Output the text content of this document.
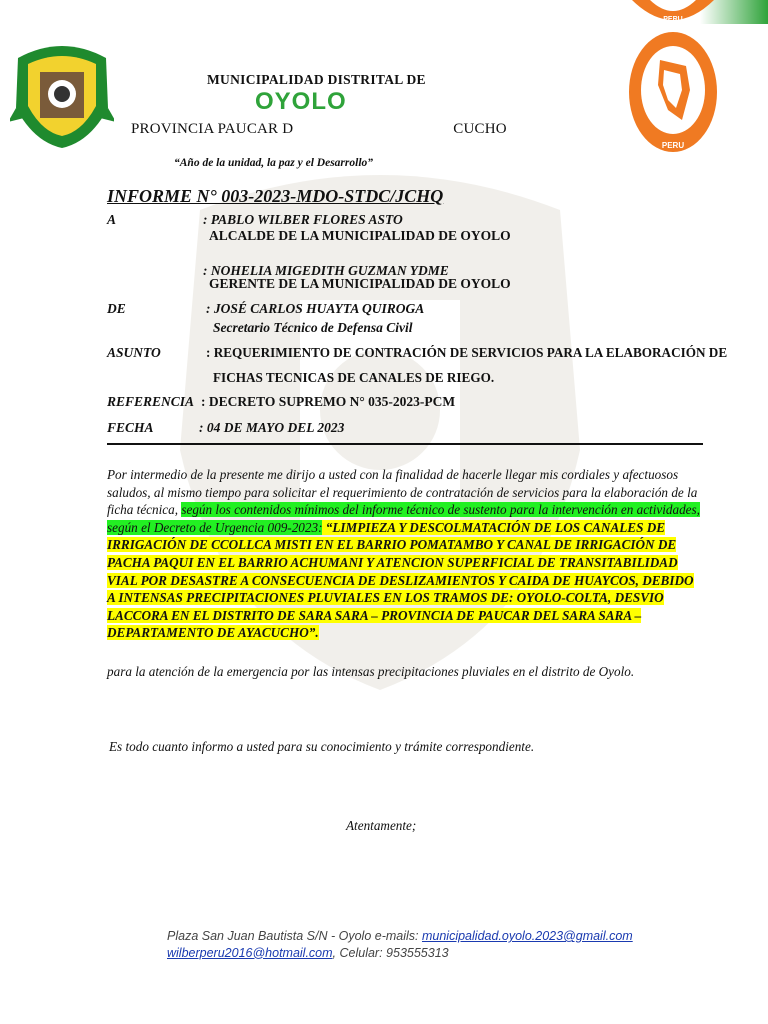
PERU
PERU
MUNICIPALIDAD DISTRITAL DE
OYOLO
PROVINCIA PAUCAR D	CUCHO
“Año de la unidad, la paz y el Desarrollo”
INFORME N° 003-2023-MDO-STDC/JCHQ
A	: PABLO WILBER FLORES ASTO
ALCALDE DE LA MUNICIPALIDAD DE OYOLO
: NOHELIA MIGEDITH GUZMAN YDME
GERENTE DE LA MUNICIPALIDAD DE OYOLO
DE	: JOSÉ CARLOS HUAYTA QUIROGA
Secretario Técnico de Defensa Civil
ASUNTO	: REQUERIMIENTO DE CONTRACIÓN DE SERVICIOS PARA LA ELABORACIÓN DE
FICHAS TECNICAS DE CANALES DE RIEGO.
REFERENCIA : DECRETO SUPREMO N° 035-2023-PCM
FECHA	: 04 DE MAYO DEL 2023
Por intermedio de la presente me dirijo a usted con la finalidad de hacerle llegar mis cordiales y afectuosos saludos, al mismo tiempo para solicitar el requerimiento de contratación de servicios para la elaboración de la ficha técnica, según los contenidos mínimos del informe técnico de sustento para la intervención en actividades, según el Decreto de Urgencia 009-2023: “LIMPIEZA Y DESCOLMATACIÓN DE LOS CANALES DE IRRIGACIÓN DE CCOLLCA MISTI EN EL BARRIO POMATAMBO Y CANAL DE IRRIGACIÓN DE PACHA PAQUI EN EL BARRIO ACHUMANI Y ATENCION SUPERFICIAL DE TRANSITABILIDAD VIAL POR DESASTRE A CONSECUENCIA DE DESLIZAMIENTOS Y CAIDA DE HUAYCOS, DEBIDO A INTENSAS PRECIPITACIONES PLUVIALES EN LOS TRAMOS DE: OYOLO-COLTA, DESVIO LACCORA EN EL DISTRITO DE SARA SARA – PROVINCIA DE PAUCAR DEL SARA SARA – DEPARTAMENTO DE AYACUCHO”.
para la atención de la emergencia por las intensas precipitaciones pluviales en el distrito de Oyolo.
Es todo cuanto informo a usted para su conocimiento y trámite correspondiente.
Atentamente;
Plaza San Juan Bautista S/N - Oyolo e-mails: municipalidad.oyolo.2023@gmail.com
wilberperu2016@hotmail.com, Celular: 953555313
